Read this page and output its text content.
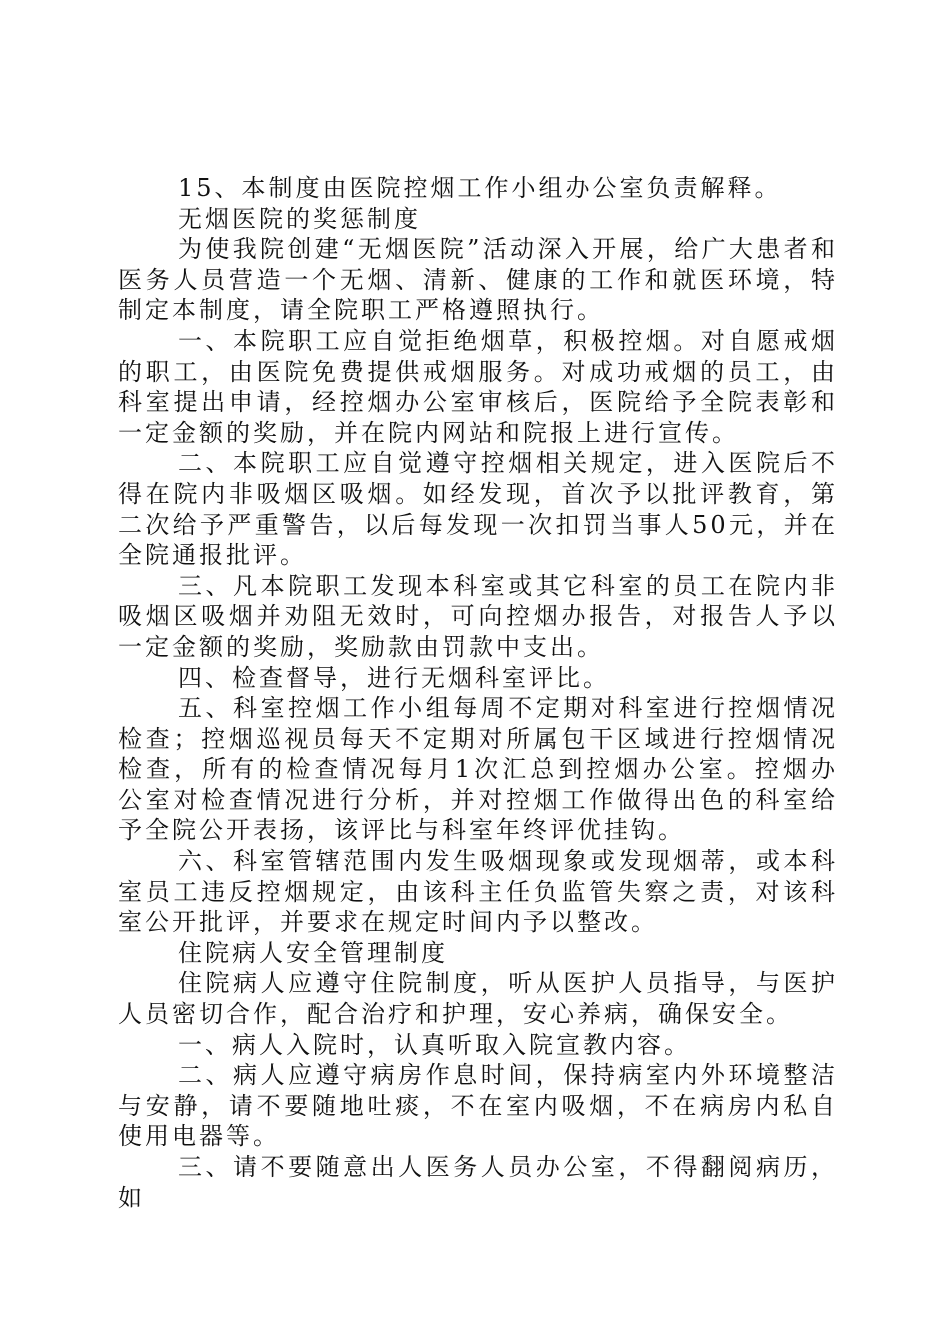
15、本制度由医院控烟工作小组办公室负责解释。

无烟医院的奖惩制度

为使我院创建“无烟医院”活动深入开展，给广大患者和医务人员营造一个无烟、清新、健康的工作和就医环境，特制定本制度，请全院职工严格遵照执行。

一、本院职工应自觉拒绝烟草，积极控烟。对自愿戒烟的职工，由医院免费提供戒烟服务。对成功戒烟的员工，由科室提出申请，经控烟办公室审核后，医院给予全院表彰和一定金额的奖励，并在院内网站和院报上进行宣传。

二、本院职工应自觉遵守控烟相关规定，进入医院后不得在院内非吸烟区吸烟。如经发现，首次予以批评教育，第二次给予严重警告，以后每发现一次扣罚当事人50元，并在全院通报批评。

三、凡本院职工发现本科室或其它科室的员工在院内非吸烟区吸烟并劝阻无效时，可向控烟办报告，对报告人予以一定金额的奖励，奖励款由罚款中支出。

四、检查督导，进行无烟科室评比。

五、科室控烟工作小组每周不定期对科室进行控烟情况检查；控烟巡视员每天不定期对所属包干区域进行控烟情况检查，所有的检查情况每月1次汇总到控烟办公室。控烟办公室对检查情况进行分析，并对控烟工作做得出色的科室给予全院公开表扬，该评比与科室年终评优挂钩。

六、科室管辖范围内发生吸烟现象或发现烟蒂，或本科室员工违反控烟规定，由该科主任负监管失察之责，对该科室公开批评，并要求在规定时间内予以整改。

住院病人安全管理制度

住院病人应遵守住院制度，听从医护人员指导，与医护人员密切合作，配合治疗和护理，安心养病，确保安全。

一、病人入院时，认真听取入院宣教内容。

二、病人应遵守病房作息时间，保持病室内外环境整洁与安静，请不要随地吐痰，不在室内吸烟，不在病房内私自使用电器等。

三、请不要随意出人医务人员办公室，不得翻阅病历，如
